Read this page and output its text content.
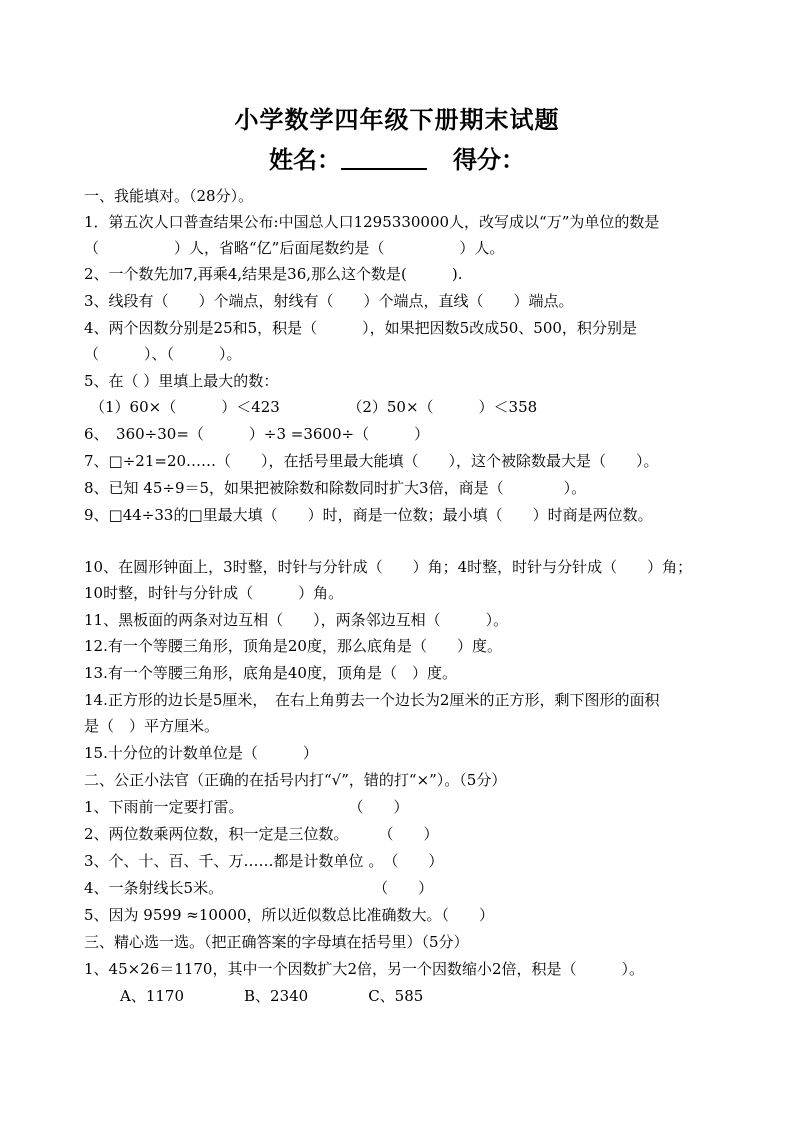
小学数学四年级下册期末试题
姓名：	得分：
一、我能填对。（28分）。
1．第五次人口普查结果公布:中国总人口1295330000人，改写成以“万”为单位的数是
（　　　　　）人，省略“亿”后面尾数约是（　　　　　）人。
2、一个数先加7,再乘4,结果是36,那么这个数是(　　　).
3、线段有（　　）个端点，射线有（　　）个端点，直线（　　）端点。
4、两个因数分别是25和5，积是（　　　），如果把因数5改成50、500，积分别是
（　　　）、（　　　）。
5、在（ ）里填上最大的数：
（1）60×（　　　）＜423　　　　　（2）50×（　　　）＜358
6、　360÷30=（　　　）÷3 =3600÷（　　　）
7、□÷21=20……（　　），在括号里最大能填（　　），这个被除数最大是（　　）。
8、已知 45÷9＝5，如果把被除数和除数同时扩大3倍，商是（　　　　）。
9、□44÷33的□里最大填（　　）时，商是一位数；最小填（　　）时商是两位数。
10、在圆形钟面上，3时整，时针与分针成（　　）角；4时整，时针与分针成（　　）角；
10时整，时针与分针成（　　　）角。
11、黑板面的两条对边互相（　　），两条邻边互相（　　　）。
12.有一个等腰三角形，顶角是20度，那么底角是（　　）度。
13.有一个等腰三角形，底角是40度，顶角是（　）度。
14.正方形的边长是5厘米，　在右上角剪去一个边长为2厘米的正方形，剩下图形的面积
是（　）平方厘米。
15.十分位的计数单位是（　　　）
二、公正小法官（正确的在括号内打“√”，错的打“×”）。（5分）
1、下雨前一定要打雷。　　　　　　　　（　　）
2、两位数乘两位数，积一定是三位数。　　　（　　）
3、个、十、百、千、万……都是计数单位 。　（　　）
4、一条射线长5米。　　　　　　　　　　　（　　）
5、因为 9599 ≈10000，所以近似数总比准确数大。（　　）
三、精心选一选。（把正确答案的字母填在括号里）（5分）
1、45×26＝1170，其中一个因数扩大2倍，另一个因数缩小2倍，积是（　　　）。
A、1170　　　　B、2340　　　　C、585
